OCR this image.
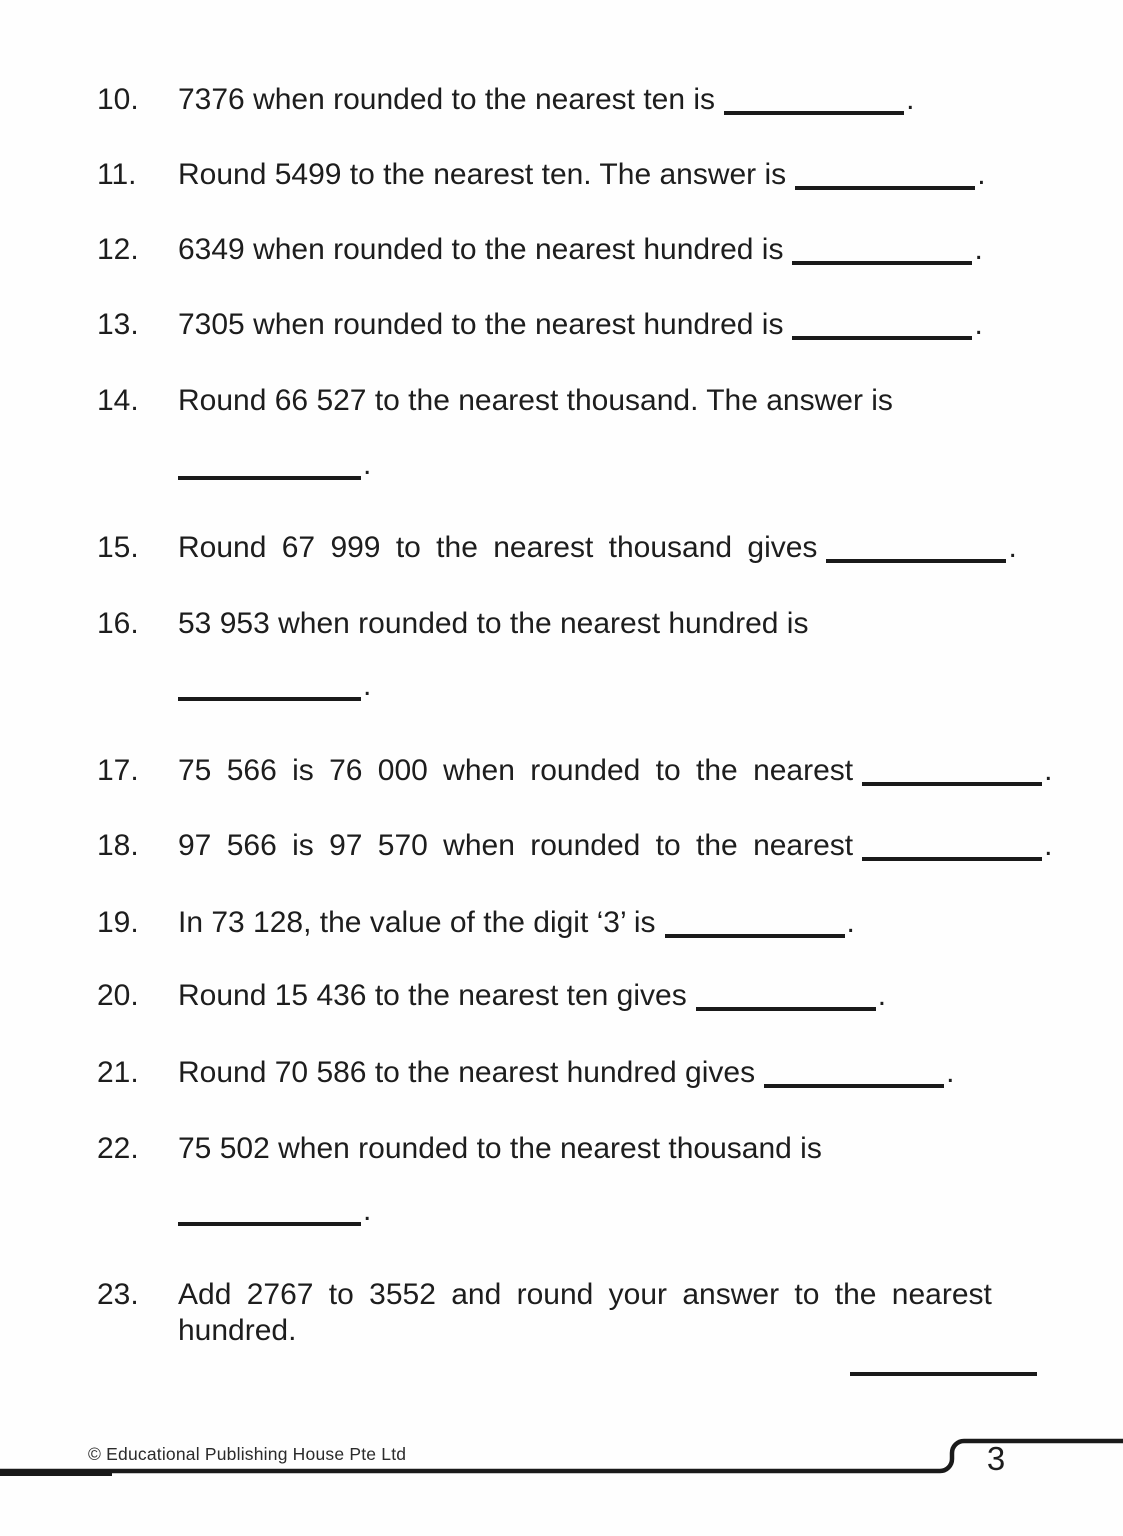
10. 7376 when rounded to the nearest ten is	.
11. Round 5499 to the nearest ten. The answer is	.
12. 6349 when rounded to the nearest hundred is	.
13. 7305 when rounded to the nearest hundred is	.
14. Round 66 527 to the nearest thousand. The answer is
.
15. Round 67 999 to the nearest thousand gives	.
16. 53 953 when rounded to the nearest hundred is
.
17. 75 566 is 76 000 when rounded to the nearest	.
18. 97 566 is 97 570 when rounded to the nearest	.
19. In 73 128, the value of the digit ‘3’ is	.
20. Round 15 436 to the nearest ten gives	.
21. Round 70 586 to the nearest hundred gives	.
22. 75 502 when rounded to the nearest thousand is
.
23. Add 2767 to 3552 and round your answer to the nearest
hundred.
© Educational Publishing House Pte Ltd	3
